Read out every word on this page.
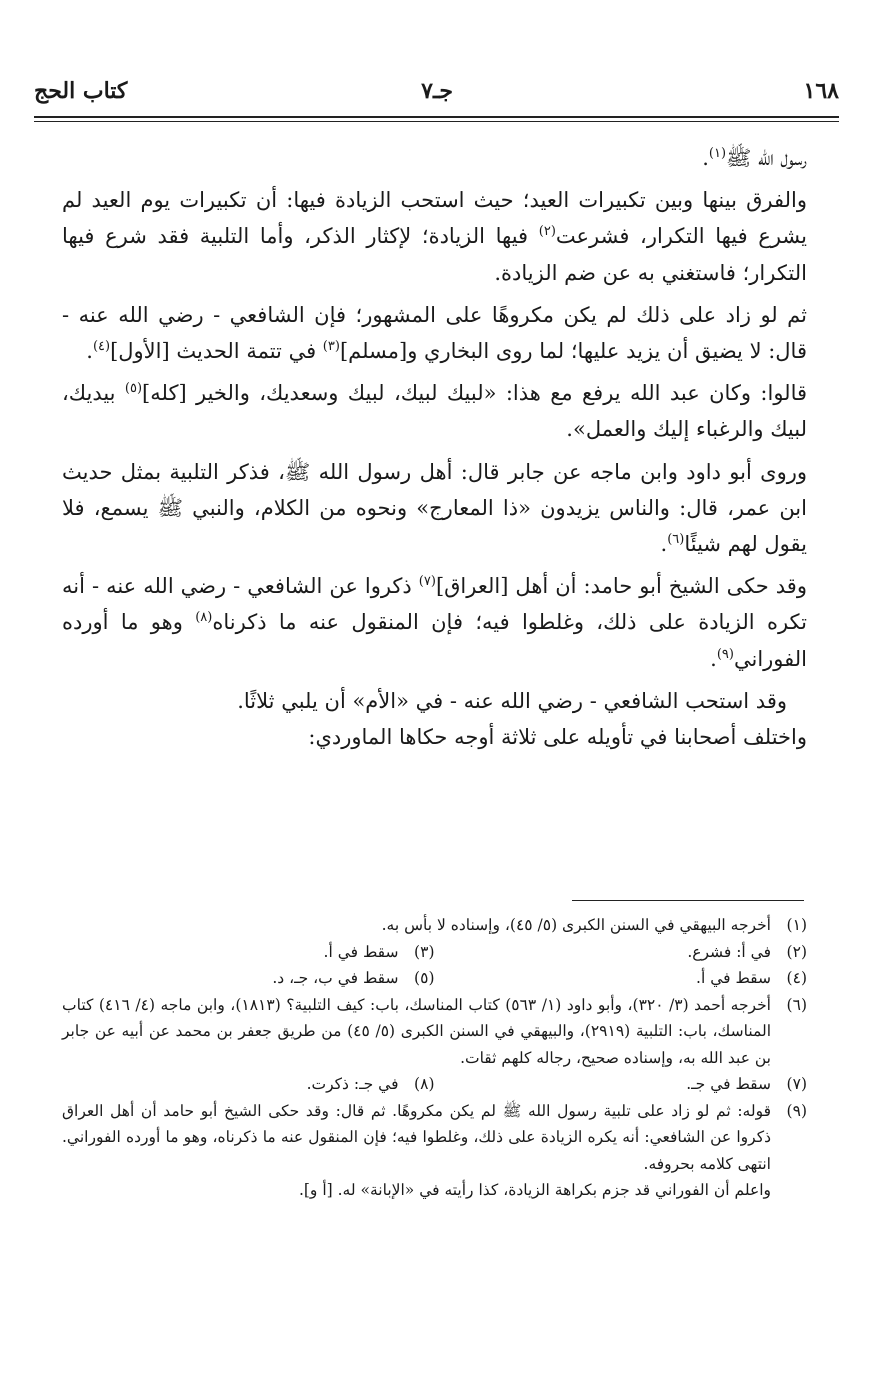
١٦٨
جـ٧
كتاب الحج

رسول الله ﷺ$^{(١)}$.

والفرق بينها وبين تكبيرات العيد؛ حيث استحب الزيادة فيها: أن تكبيرات يوم العيد لم يشرع فيها التكرار، فشرعت$^{(٢)}$ فيها الزيادة؛ لإكثار الذكر، وأما التلبية فقد شرع فيها التكرار؛ فاستغني به عن ضم الزيادة.

ثم لو زاد على ذلك لم يكن مكروهًا على المشهور؛ فإن الشافعي - رضي الله عنه - قال: لا يضيق أن يزيد عليها؛ لما روى البخاري و[مسلم]$^{(٣)}$ في تتمة الحديث [الأول]$^{(٤)}$.

قالوا: وكان عبد الله يرفع مع هذا: «لبيك لبيك، لبيك وسعديك، والخير [كله]$^{(٥)}$ بيديك، لبيك والرغباء إليك والعمل».

وروى أبو داود وابن ماجه عن جابر قال: أهل رسول الله ﷺ، فذكر التلبية بمثل حديث ابن عمر، قال: والناس يزيدون «ذا المعارج» ونحوه من الكلام، والنبي ﷺ يسمع، فلا يقول لهم شيئًا$^{(٦)}$.

وقد حكى الشيخ أبو حامد: أن أهل [العراق]$^{(٧)}$ ذكروا عن الشافعي - رضي الله عنه - أنه تكره الزيادة على ذلك، وغلطوا فيه؛ فإن المنقول عنه ما ذكرناه$^{(٨)}$ وهو ما أورده الفوراني$^{(٩)}$.

وقد استحب الشافعي - رضي الله عنه - في «الأم» أن يلبي ثلاثًا.

واختلف أصحابنا في تأويله على ثلاثة أوجه حكاها الماوردي:

(١)
أخرجه البيهقي في السنن الكبرى (٥/ ٤٥)، وإسناده لا بأس به.
(٢)
في أ: فشرع.
(٣)
سقط في أ.
(٤)
سقط في أ.
(٥)
سقط في ب، جـ، د.
(٦)
أخرجه أحمد (٣/ ٣٢٠)، وأبو داود (١/ ٥٦٣) كتاب المناسك، باب: كيف التلبية؟ (١٨١٣)، وابن ماجه (٤/ ٤١٦) كتاب المناسك، باب: التلبية (٢٩١٩)، والبيهقي في السنن الكبرى (٥/ ٤٥) من طريق جعفر بن محمد عن أبيه عن جابر بن عبد الله به، وإسناده صحيح، رجاله كلهم ثقات.
(٧)
سقط في جـ.
(٨)
في جـ: ذكرت.
(٩)
قوله: ثم لو زاد على تلبية رسول الله ﷺ لم يكن مكروهًا. ثم قال: وقد حكى الشيخ أبو حامد أن أهل العراق ذكروا عن الشافعي: أنه يكره الزيادة على ذلك، وغلطوا فيه؛ فإن المنقول عنه ما ذكرناه، وهو ما أورده الفوراني. انتهى كلامه بحروفه.
واعلم أن الفوراني قد جزم بكراهة الزيادة، كذا رأيته في «الإبانة» له. [أ و].
